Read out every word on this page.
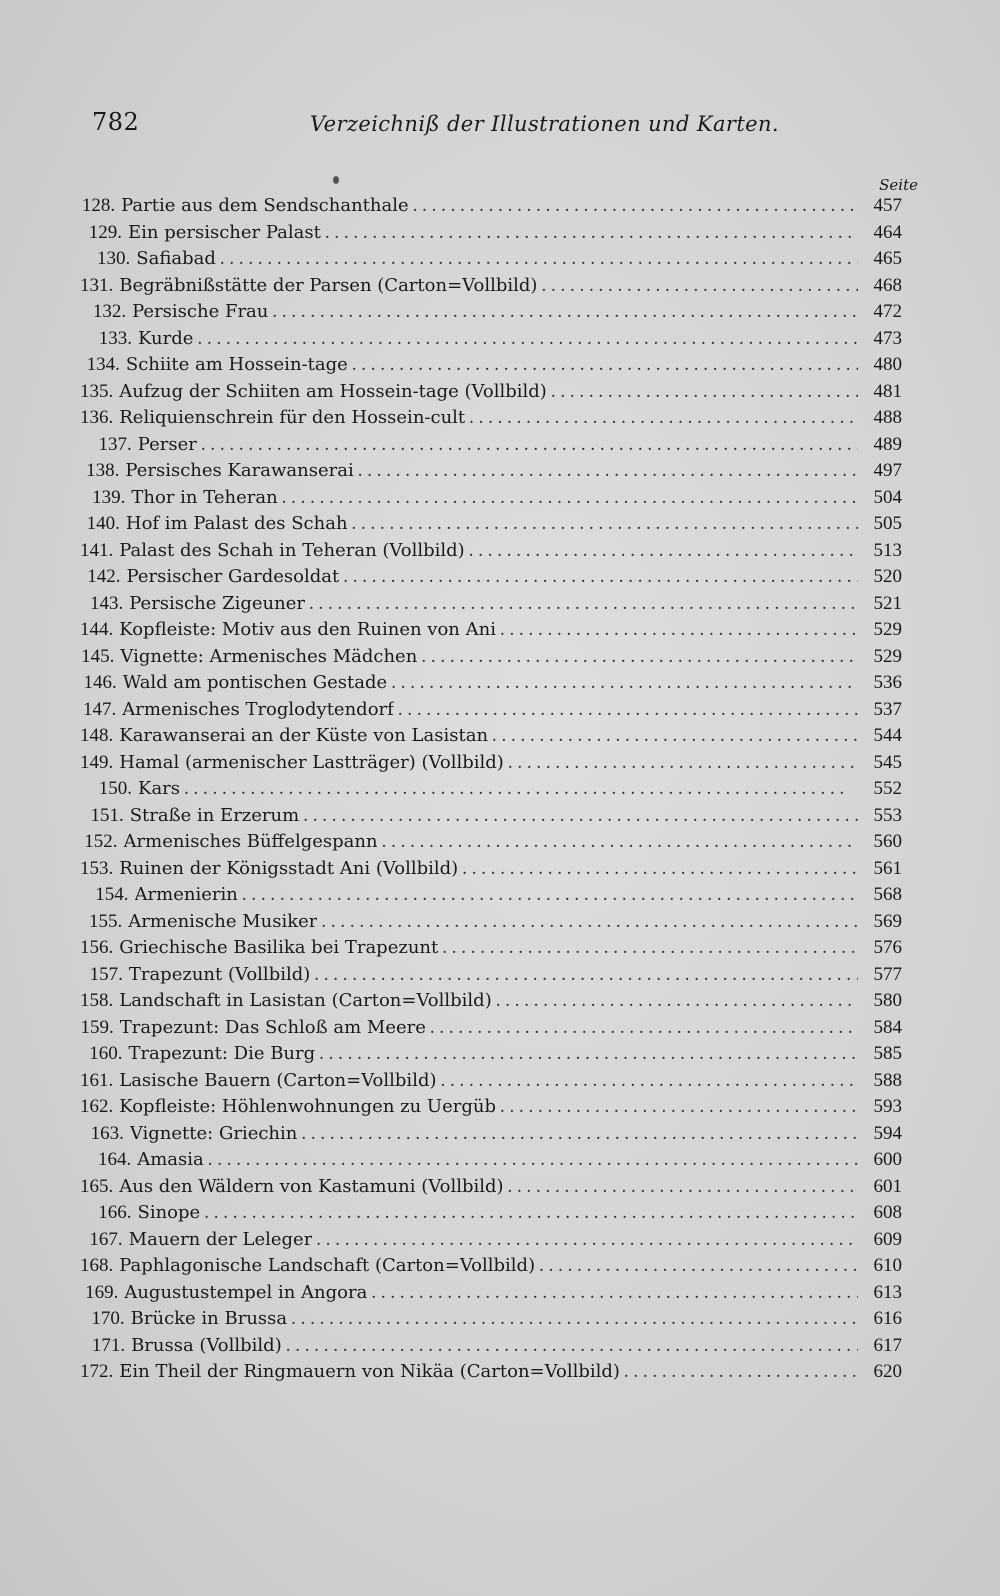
782	Verzeichniß der Illustrationen und Karten.
Seite
128. Partie aus dem Sendschanthale . . .	457
129. Ein persischer Palast . . .	464
130. Safiabad . . .	465
131. Begräbnißstätte der Parsen (Carton=Vollbild) . . .	468
132. Persische Frau . . .	472
133. Kurde . . .	473
134. Schiite am Hossein-tage . . .	480
135. Aufzug der Schiiten am Hossein-tage (Vollbild) . . .	481
136. Reliquienschrein für den Hossein-cult . . .	488
137. Perser . . .	489
138. Persisches Karawanserai . . .	497
139. Thor in Teheran . . .	504
140. Hof im Palast des Schah . . .	505
141. Palast des Schah in Teheran (Vollbild) . . .	513
142. Persischer Gardesoldat . . .	520
143. Persische Zigeuner . . .	521
144. Kopfleiste: Motiv aus den Ruinen von Ani . . .	529
145. Vignette: Armenisches Mädchen . . .	529
146. Wald am pontischen Gestade . . .	536
147. Armenisches Troglodytendorf . . .	537
148. Karawanserai an der Küste von Lasistan . . .	544
149. Hamal (armenischer Lastträger) (Vollbild) . . .	545
150. Kars . . .	552
151. Straße in Erzerum . . .	553
152. Armenisches Büffelgespann . . .	560
153. Ruinen der Königsstadt Ani (Vollbild) . . .	561
154. Armenierin . . .	568
155. Armenische Musiker . . .	569
156. Griechische Basilika bei Trapezunt . . .	576
157. Trapezunt (Vollbild) . . .	577
158. Landschaft in Lasistan (Carton=Vollbild) . . .	580
159. Trapezunt: Das Schloß am Meere . . .	584
160. Trapezunt: Die Burg . . .	585
161. Lasische Bauern (Carton=Vollbild) . . .	588
162. Kopfleiste: Höhlenwohnungen zu Uergüb . . .	593
163. Vignette: Griechin . . .	594
164. Amasia . . .	600
165. Aus den Wäldern von Kastamuni (Vollbild) . . .	601
166. Sinope . . .	608
167. Mauern der Leleger . . .	609
168. Paphlagonische Landschaft (Carton=Vollbild) . . .	610
169. Augustustempel in Angora . . .	613
170. Brücke in Brussa . . .	616
171. Brussa (Vollbild) . . .	617
172. Ein Theil der Ringmauern von Nikäa (Carton=Vollbild) . . .	620
